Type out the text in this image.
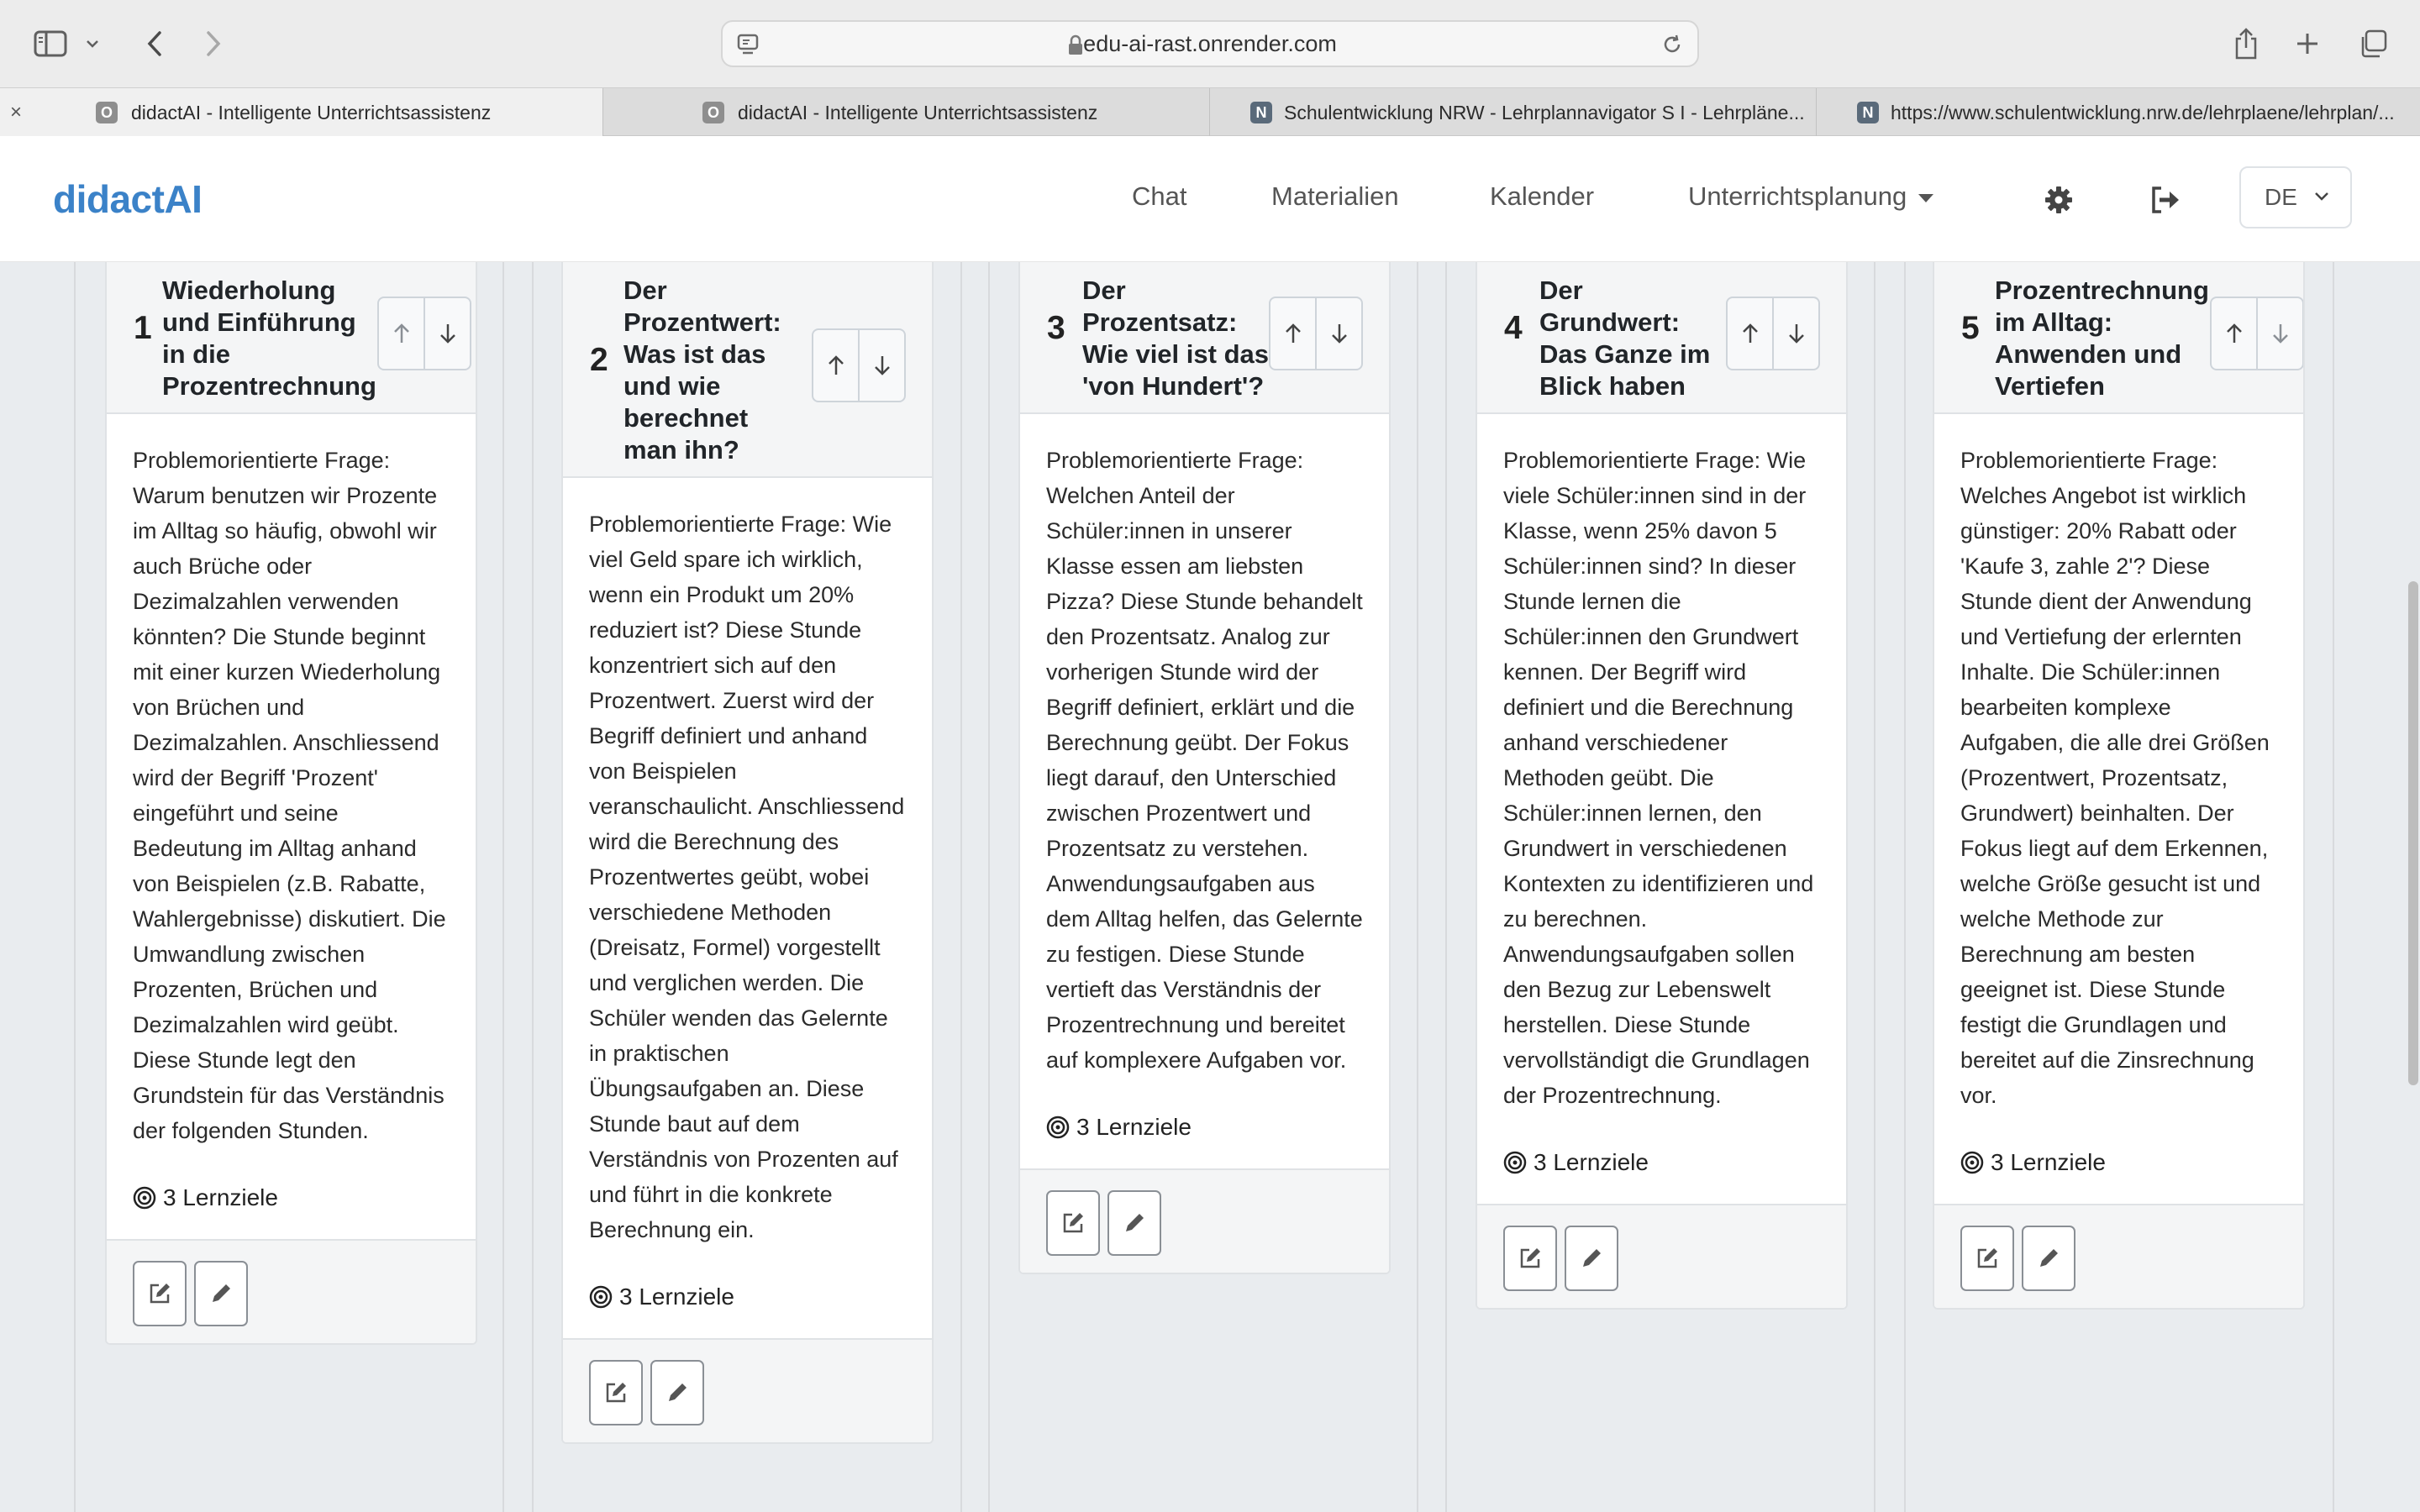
edu-ai-rast.onrender.com
×	O didactAI - Intelligente Unterrichtsassistenz	O didactAI - Intelligente Unterrichtsassistenz	N Schulentwicklung NRW - Lehrplannavigator S I - Lehrpläne...	N https://www.schulentwicklung.nrw.de/lehrplaene/lehrplan/...
didactAI	Chat	Materialien	Kalender	Unterrichtsplanung	DE
1
Wiederholung
und Einführung
in die
Prozentrechnung
Problemorientierte Frage: Warum benutzen wir Prozente im Alltag so häufig, obwohl wir auch Brüche oder Dezimalzahlen verwenden könnten? Die Stunde beginnt mit einer kurzen Wiederholung von Brüchen und Dezimalzahlen. Anschliessend wird der Begriff 'Prozent' eingeführt und seine Bedeutung im Alltag anhand von Beispielen (z.B. Rabatte, Wahlergebnisse) diskutiert. Die Umwandlung zwischen Prozenten, Brüchen und Dezimalzahlen wird geübt. Diese Stunde legt den Grundstein für das Verständnis der folgenden Stunden.
3 Lernziele
2
Der
Prozentwert:
Was ist das
und wie
berechnet
man ihn?
Problemorientierte Frage: Wie viel Geld spare ich wirklich, wenn ein Produkt um 20% reduziert ist? Diese Stunde konzentriert sich auf den Prozentwert. Zuerst wird der Begriff definiert und anhand von Beispielen veranschaulicht. Anschliessend wird die Berechnung des Prozentwertes geübt, wobei verschiedene Methoden (Dreisatz, Formel) vorgestellt und verglichen werden. Die Schüler wenden das Gelernte in praktischen Übungsaufgaben an. Diese Stunde baut auf dem Verständnis von Prozenten auf und führt in die konkrete Berechnung ein.
3 Lernziele
3
Der
Prozentsatz:
Wie viel ist das
'von Hundert'?
Problemorientierte Frage: Welchen Anteil der Schüler:innen in unserer Klasse essen am liebsten Pizza? Diese Stunde behandelt den Prozentsatz. Analog zur vorherigen Stunde wird der Begriff definiert, erklärt und die Berechnung geübt. Der Fokus liegt darauf, den Unterschied zwischen Prozentwert und Prozentsatz zu verstehen. Anwendungsaufgaben aus dem Alltag helfen, das Gelernte zu festigen. Diese Stunde vertieft das Verständnis der Prozentrechnung und bereitet auf komplexere Aufgaben vor.
3 Lernziele
4
Der
Grundwert:
Das Ganze im
Blick haben
Problemorientierte Frage: Wie viele Schüler:innen sind in der Klasse, wenn 25% davon 5 Schüler:innen sind? In dieser Stunde lernen die Schüler:innen den Grundwert kennen. Der Begriff wird definiert und die Berechnung anhand verschiedener Methoden geübt. Die Schüler:innen lernen, den Grundwert in verschiedenen Kontexten zu identifizieren und zu berechnen. Anwendungsaufgaben sollen den Bezug zur Lebenswelt herstellen. Diese Stunde vervollständigt die Grundlagen der Prozentrechnung.
3 Lernziele
5
Prozentrechnung
im Alltag:
Anwenden und
Vertiefen
Problemorientierte Frage: Welches Angebot ist wirklich günstiger: 20% Rabatt oder 'Kaufe 3, zahle 2'? Diese Stunde dient der Anwendung und Vertiefung der erlernten Inhalte. Die Schüler:innen bearbeiten komplexe Aufgaben, die alle drei Größen (Prozentwert, Prozentsatz, Grundwert) beinhalten. Der Fokus liegt auf dem Erkennen, welche Größe gesucht ist und welche Methode zur Berechnung am besten geeignet ist. Diese Stunde festigt die Grundlagen und bereitet auf die Zinsrechnung vor.
3 Lernziele
